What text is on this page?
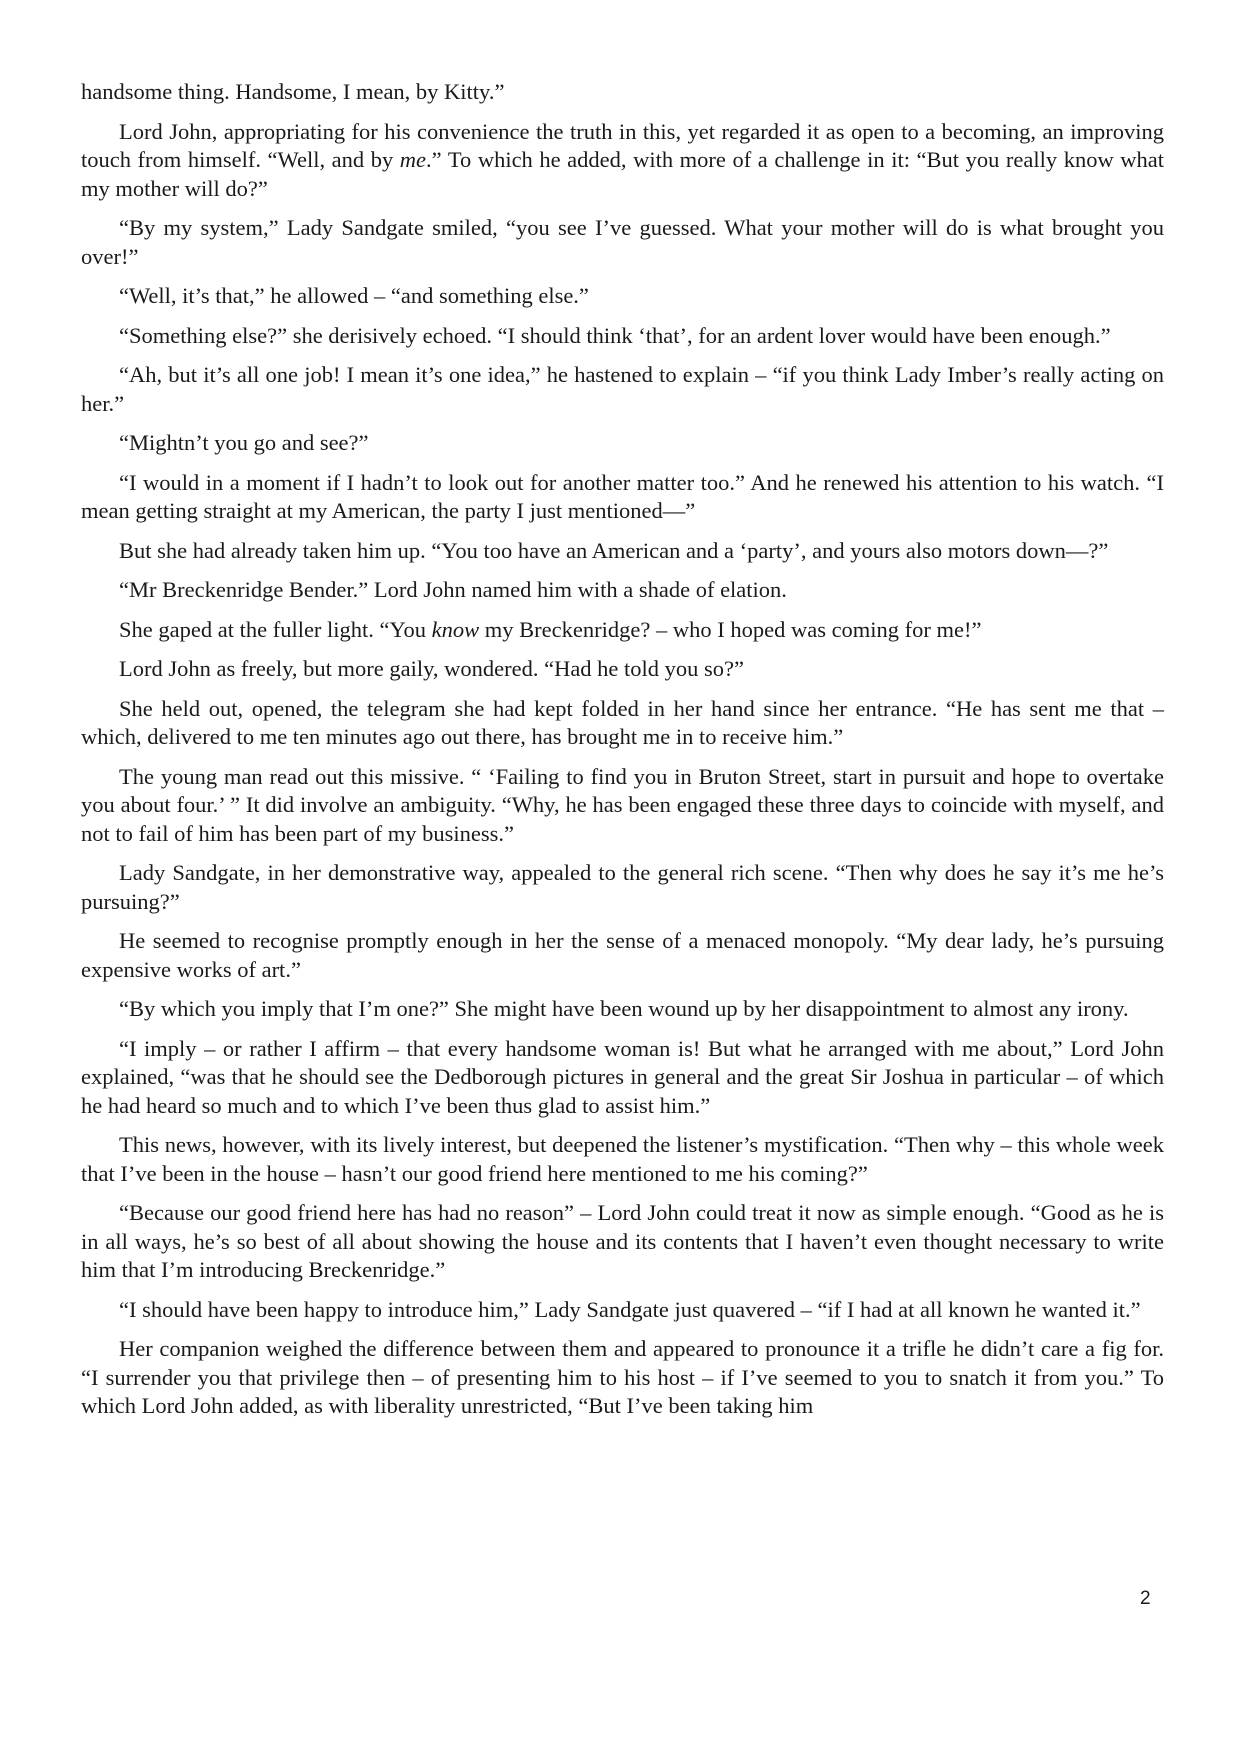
handsome thing. Handsome, I mean, by Kitty.”

Lord John, appropriating for his convenience the truth in this, yet regarded it as open to a becoming, an improving touch from himself. “Well, and by me.” To which he added, with more of a challenge in it: “But you really know what my mother will do?”

“By my system,” Lady Sandgate smiled, “you see I’ve guessed. What your mother will do is what brought you over!”

“Well, it’s that,” he allowed – “and something else.”

“Something else?” she derisively echoed. “I should think ‘that’, for an ardent lover would have been enough.”

“Ah, but it’s all one job! I mean it’s one idea,” he hastened to explain – “if you think Lady Imber’s really acting on her.”

“Mightn’t you go and see?”

“I would in a moment if I hadn’t to look out for another matter too.” And he renewed his attention to his watch. “I mean getting straight at my American, the party I just mentioned—”

But she had already taken him up. “You too have an American and a ‘party’, and yours also motors down—?”

“Mr Breckenridge Bender.” Lord John named him with a shade of elation.

She gaped at the fuller light. “You know my Breckenridge? – who I hoped was coming for me!”

Lord John as freely, but more gaily, wondered. “Had he told you so?”

She held out, opened, the telegram she had kept folded in her hand since her entrance. “He has sent me that – which, delivered to me ten minutes ago out there, has brought me in to receive him.”

The young man read out this missive. “ ‘Failing to find you in Bruton Street, start in pursuit and hope to overtake you about four.’ ” It did involve an ambiguity. “Why, he has been engaged these three days to coincide with myself, and not to fail of him has been part of my business.”

Lady Sandgate, in her demonstrative way, appealed to the general rich scene. “Then why does he say it’s me he’s pursuing?”

He seemed to recognise promptly enough in her the sense of a menaced monopoly. “My dear lady, he’s pursuing expensive works of art.”

“By which you imply that I’m one?” She might have been wound up by her disappointment to almost any irony.

“I imply – or rather I affirm – that every handsome woman is! But what he arranged with me about,” Lord John explained, “was that he should see the Dedborough pictures in general and the great Sir Joshua in particular – of which he had heard so much and to which I’ve been thus glad to assist him.”

This news, however, with its lively interest, but deepened the listener’s mystification. “Then why – this whole week that I’ve been in the house – hasn’t our good friend here mentioned to me his coming?”

“Because our good friend here has had no reason” – Lord John could treat it now as simple enough. “Good as he is in all ways, he’s so best of all about showing the house and its contents that I haven’t even thought necessary to write him that I’m introducing Breckenridge.”

“I should have been happy to introduce him,” Lady Sandgate just quavered – “if I had at all known he wanted it.”

Her companion weighed the difference between them and appeared to pronounce it a trifle he didn’t care a fig for. “I surrender you that privilege then – of presenting him to his host – if I’ve seemed to you to snatch it from you.” To which Lord John added, as with liberality unrestricted, “But I’ve been taking him

2
